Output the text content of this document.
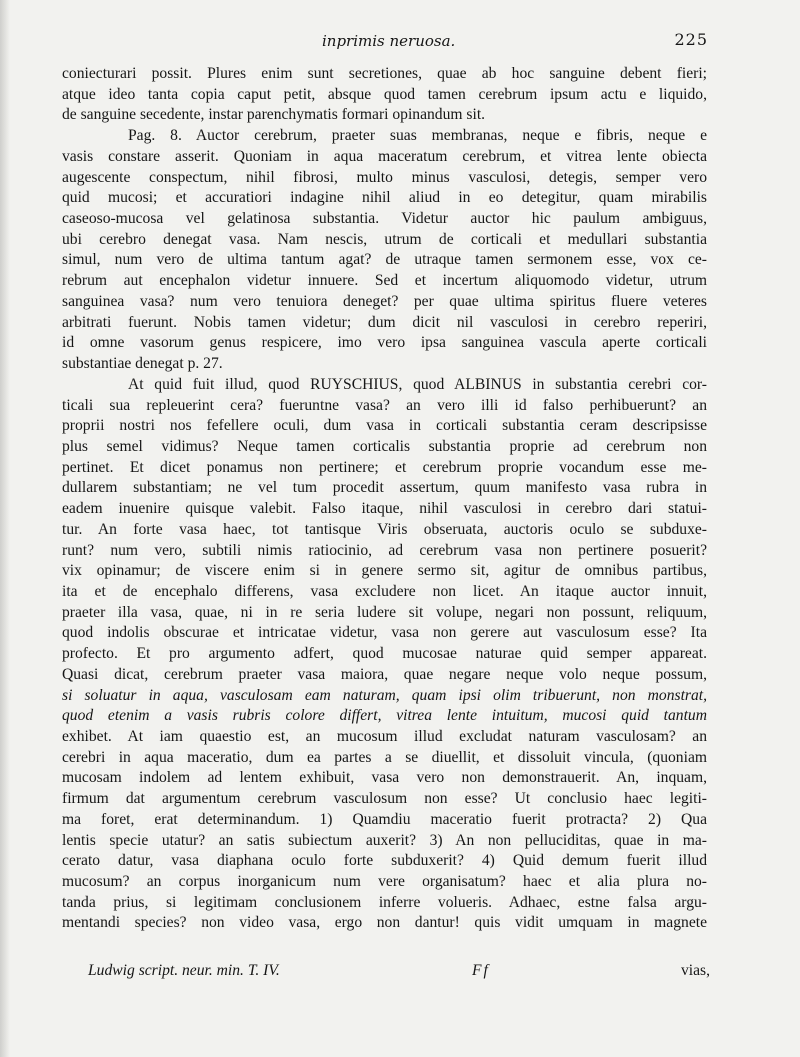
inprimis neruosa.	225
coniecturari possit. Plures enim sunt secretiones, quae ab hoc sanguine debent fieri;
atque ideo tanta copia caput petit, absque quod tamen cerebrum ipsum actu e liquido,
de sanguine secedente, instar parenchymatis formari opinandum sit.
Pag. 8. Auctor cerebrum, praeter suas membranas, neque e fibris, neque e
vasis constare asserit. Quoniam in aqua maceratum cerebrum, et vitrea lente obiecta
augescente conspectum, nihil fibrosi, multo minus vasculosi, detegis, semper vero
quid mucosi; et accuratiori indagine nihil aliud in eo detegitur, quam mirabilis
caseoso-mucosa vel gelatinosa substantia. Videtur auctor hic paulum ambiguus,
ubi cerebro denegat vasa. Nam nescis, utrum de corticali et medullari substantia
simul, num vero de ultima tantum agat? de utraque tamen sermonem esse, vox ce-
rebrum aut encephalon videtur innuere. Sed et incertum aliquomodo videtur, utrum
sanguinea vasa? num vero tenuiora deneget? per quae ultima spiritus fluere veteres
arbitrati fuerunt. Nobis tamen videtur; dum dicit nil vasculosi in cerebro reperiri,
id omne vasorum genus respicere, imo vero ipsa sanguinea vascula aperte corticali
substantiae denegat p. 27.
At quid fuit illud, quod RUYSCHIUS, quod ALBINUS in substantia cerebri cor-
ticali sua repleuerint cera? fueruntne vasa? an vero illi id falso perhibuerunt? an
proprii nostri nos fefellere oculi, dum vasa in corticali substantia ceram descripsisse
plus semel vidimus? Neque tamen corticalis substantia proprie ad cerebrum non
pertinet. Et dicet ponamus non pertinere; et cerebrum proprie vocandum esse me-
dullarem substantiam; ne vel tum procedit assertum, quum manifesto vasa rubra in
eadem inuenire quisque valebit. Falso itaque, nihil vasculosi in cerebro dari statui-
tur. An forte vasa haec, tot tantisque Viris obseruata, auctoris oculo se subduxe-
runt? num vero, subtili nimis ratiocinio, ad cerebrum vasa non pertinere posuerit?
vix opinamur; de viscere enim si in genere sermo sit, agitur de omnibus partibus,
ita et de encephalo differens, vasa excludere non licet. An itaque auctor innuit,
praeter illa vasa, quae, ni in re seria ludere sit volupe, negari non possunt, reliquum,
quod indolis obscurae et intricatae videtur, vasa non gerere aut vasculosum esse? Ita
profecto. Et pro argumento adfert, quod mucosae naturae quid semper appareat.
Quasi dicat, cerebrum praeter vasa maiora, quae negare neque volo neque possum,
si soluatur in aqua, vasculosam eam naturam, quam ipsi olim tribuerunt, non monstrat,
quod etenim a vasis rubris colore differt, vitrea lente intuitum, mucosi quid tantum
exhibet. At iam quaestio est, an mucosum illud excludat naturam vasculosam? an
cerebri in aqua maceratio, dum ea partes a se diuellit, et dissoluit vincula, (quoniam
mucosam indolem ad lentem exhibuit, vasa vero non demonstrauerit. An, inquam,
firmum dat argumentum cerebrum vasculosum non esse? Ut conclusio haec legiti-
ma foret, erat determinandum. 1) Quamdiu maceratio fuerit protracta? 2) Qua
lentis specie utatur? an satis subiectum auxerit? 3) An non pelluciditas, quae in ma-
cerato datur, vasa diaphana oculo forte subduxerit? 4) Quid demum fuerit illud
mucosum? an corpus inorganicum num vere organisatum? haec et alia plura no-
tanda prius, si legitimam conclusionem inferre volueris. Adhaec, estne falsa argu-
mentandi species? non video vasa, ergo non dantur! quis vidit umquam in magnete
Ludwig script. neur. min. T. IV.	Ff	vias,
